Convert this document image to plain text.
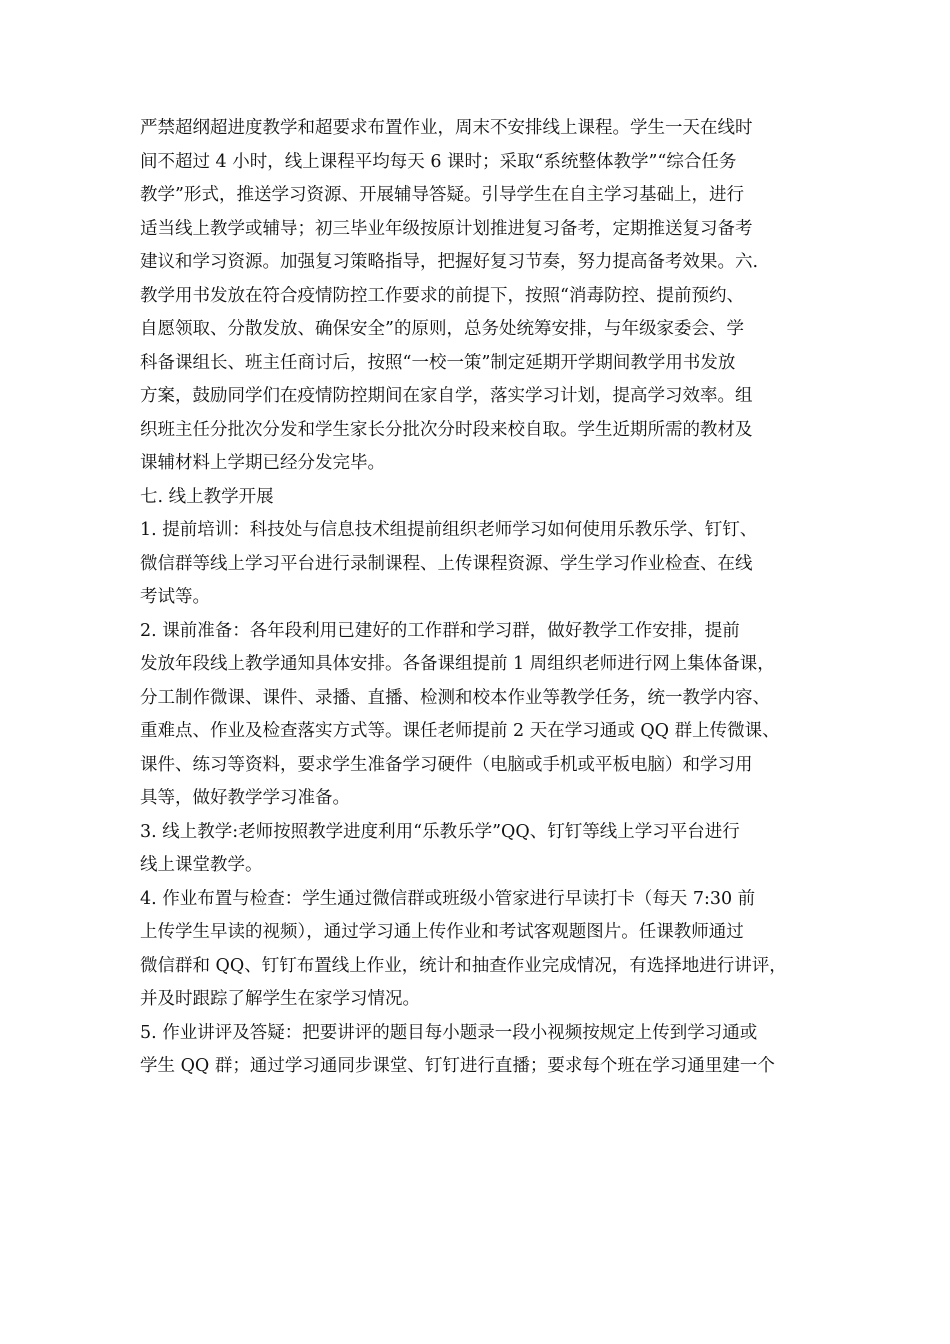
严禁超纲超进度教学和超要求布置作业，周末不安排线上课程。学生一天在线时
间不超过 4 小时，线上课程平均每天 6 课时；采取“系统整体教学”“综合任务
教学”形式，推送学习资源、开展辅导答疑。引导学生在自主学习基础上，进行
适当线上教学或辅导；初三毕业年级按原计划推进复习备考，定期推送复习备考
建议和学习资源。加强复习策略指导，把握好复习节奏，努力提高备考效果。六.
教学用书发放在符合疫情防控工作要求的前提下，按照“消毒防控、提前预约、
自愿领取、分散发放、确保安全”的原则，总务处统筹安排，与年级家委会、学
科备课组长、班主任商讨后，按照“一校一策”制定延期开学期间教学用书发放
方案，鼓励同学们在疫情防控期间在家自学，落实学习计划，提高学习效率。组
织班主任分批次分发和学生家长分批次分时段来校自取。学生近期所需的教材及
课辅材料上学期已经分发完毕。
七. 线上教学开展
1. 提前培训：科技处与信息技术组提前组织老师学习如何使用乐教乐学、钉钉、
微信群等线上学习平台进行录制课程、上传课程资源、学生学习作业检查、在线
考试等。
2. 课前准备：各年段利用已建好的工作群和学习群，做好教学工作安排，提前
发放年段线上教学通知具体安排。各备课组提前 1 周组织老师进行网上集体备课，
分工制作微课、课件、录播、直播、检测和校本作业等教学任务，统一教学内容、
重难点、作业及检查落实方式等。课任老师提前 2 天在学习通或 QQ 群上传微课、
课件、练习等资料，要求学生准备学习硬件（电脑或手机或平板电脑）和学习用
具等，做好教学学习准备。
3. 线上教学:老师按照教学进度利用“乐教乐学”QQ、钉钉等线上学习平台进行
线上课堂教学。
4. 作业布置与检查：学生通过微信群或班级小管家进行早读打卡（每天 7:30 前
上传学生早读的视频），通过学习通上传作业和考试客观题图片。任课教师通过
微信群和 QQ、钉钉布置线上作业，统计和抽查作业完成情况，有选择地进行讲评，
并及时跟踪了解学生在家学习情况。
5. 作业讲评及答疑：把要讲评的题目每小题录一段小视频按规定上传到学习通或
学生 QQ 群；通过学习通同步课堂、钉钉进行直播；要求每个班在学习通里建一个
